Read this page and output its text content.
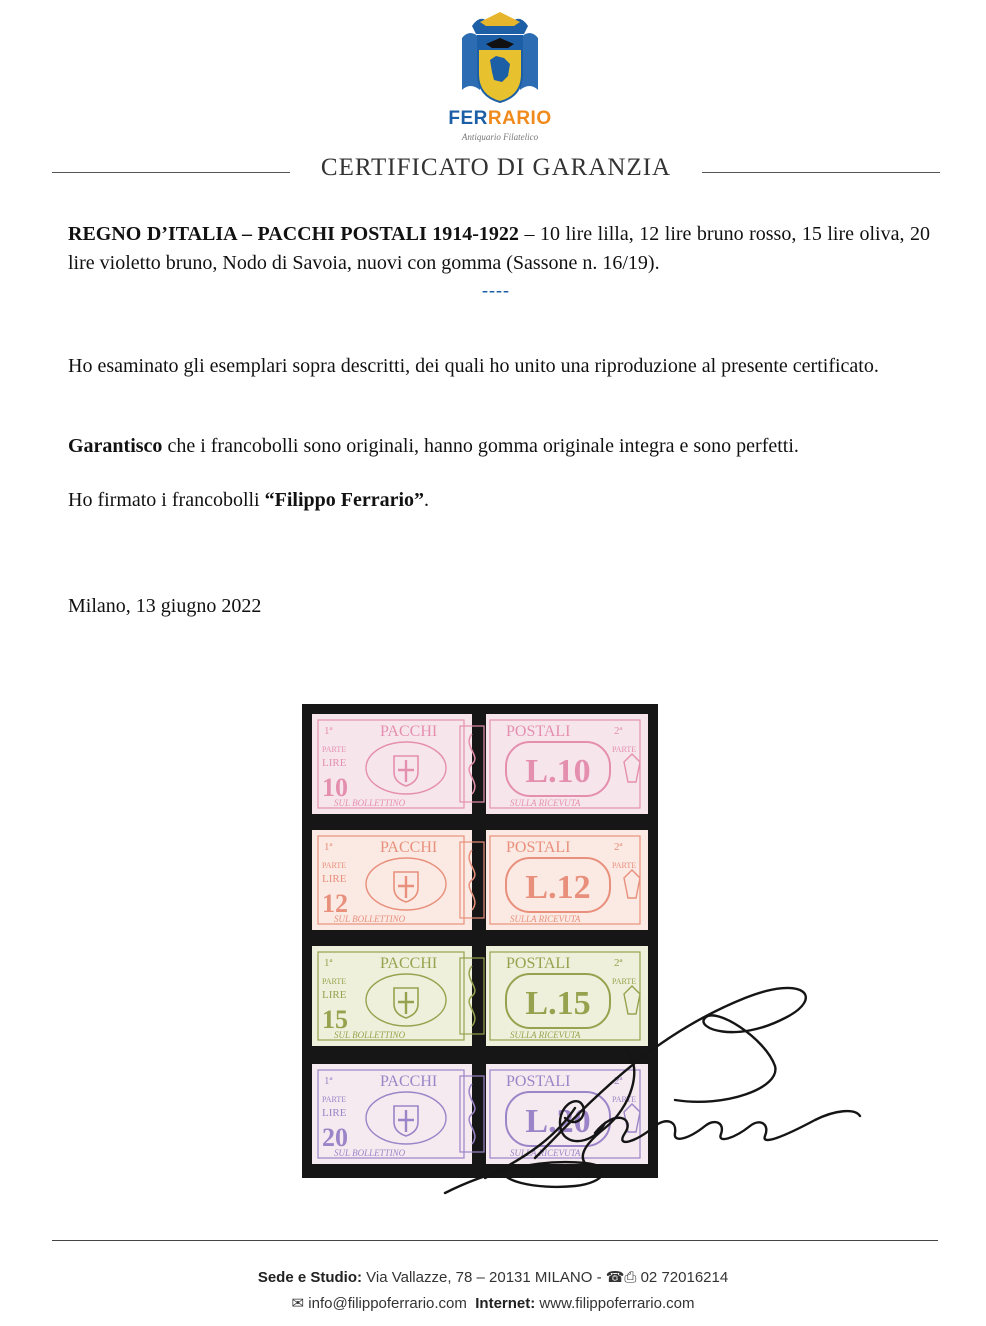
FERRARIO
Antiquario Filatelico
CERTIFICATO DI GARANZIA
REGNO D’ITALIA – PACCHI POSTALI 1914-1922 – 10 lire lilla, 12 lire bruno rosso, 15 lire oliva, 20 lire violetto bruno, Nodo di Savoia, nuovi con gomma (Sassone n. 16/19).
----
Ho esaminato gli esemplari sopra descritti, dei quali ho unito una riproduzione al presente certificato.
Garantisco che i francobolli sono originali, hanno gomma originale integra e sono perfetti.
Ho firmato i francobolli “Filippo Ferrario”.
Milano, 13 giugno 2022
1ª	PACCHI	POSTALI	2ª
PARTE	PARTE
LIRE
10	L.10
SUL BOLLETTINO	SULLA RICEVUTA
1ª	PACCHI	POSTALI	2ª
PARTE	PARTE
LIRE
12	L.12
SUL BOLLETTINO	SULLA RICEVUTA
1ª	PACCHI	POSTALI	2ª
PARTE	PARTE
LIRE
15	L.15
SUL BOLLETTINO	SULLA RICEVUTA
1ª	PACCHI	POSTALI	2ª
PARTE	PARTE
LIRE
20	L.20
SUL BOLLETTINO	SULLA RICEVUTA
Sede e Studio: Via Vallazze, 78 – 20131 MILANO - ☎︎⎙ 02 72016214
✉ info@filippoferrario.com Internet: www.filippoferrario.com
